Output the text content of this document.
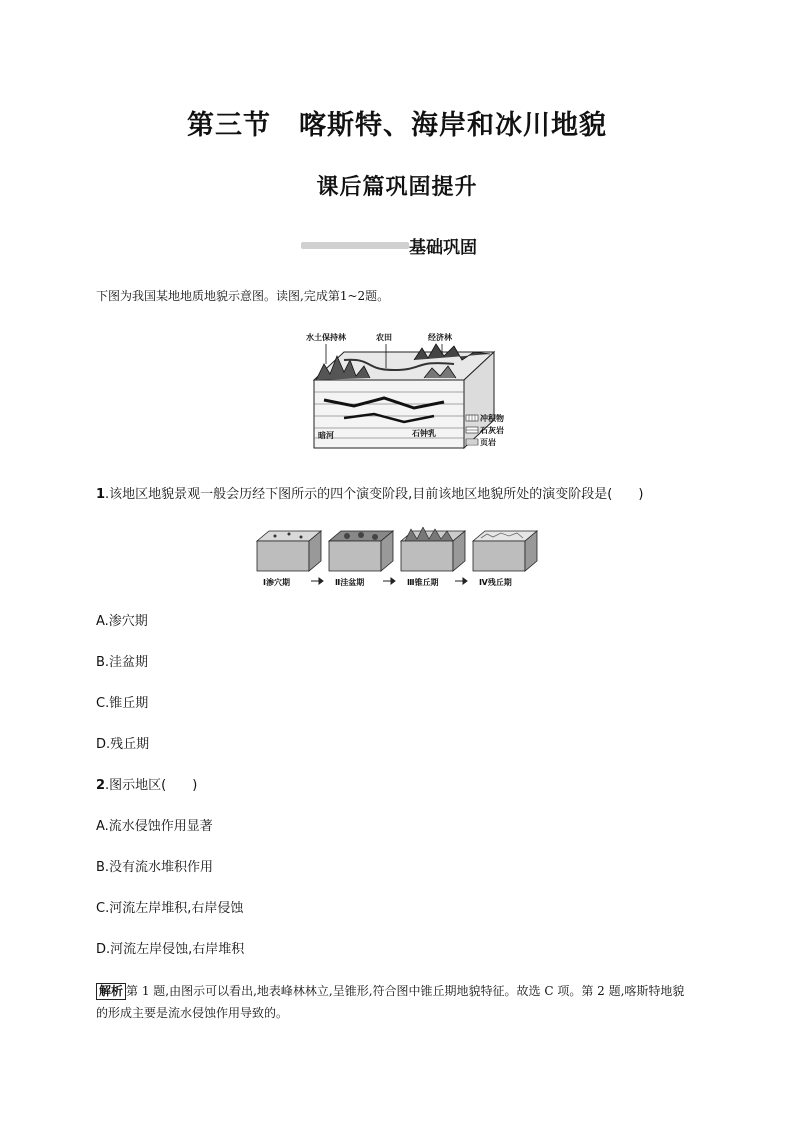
第三节　喀斯特、海岸和冰川地貌
课后篇巩固提升
基础巩固
下图为我国某地地质地貌示意图。读图,完成第1~2题。
水土保持林	农田	经济林
暗河	石钟乳
冲积物
石灰岩
页岩
1.该地区地貌景观一般会历经下图所示的四个演变阶段,目前该地区地貌所处的演变阶段是(　　)
Ⅰ渗穴期	Ⅱ洼盆期	Ⅲ锥丘期	Ⅳ残丘期
A.渗穴期
B.洼盆期
C.锥丘期
D.残丘期
2.图示地区(　　)
A.流水侵蚀作用显著
B.没有流水堆积作用
C.河流左岸堆积,右岸侵蚀
D.河流左岸侵蚀,右岸堆积
解析 第 1 题,由图示可以看出,地表峰林林立,呈锥形,符合图中锥丘期地貌特征。故选 C 项。第 2 题,喀斯特地貌的形成主要是流水侵蚀作用导致的。
